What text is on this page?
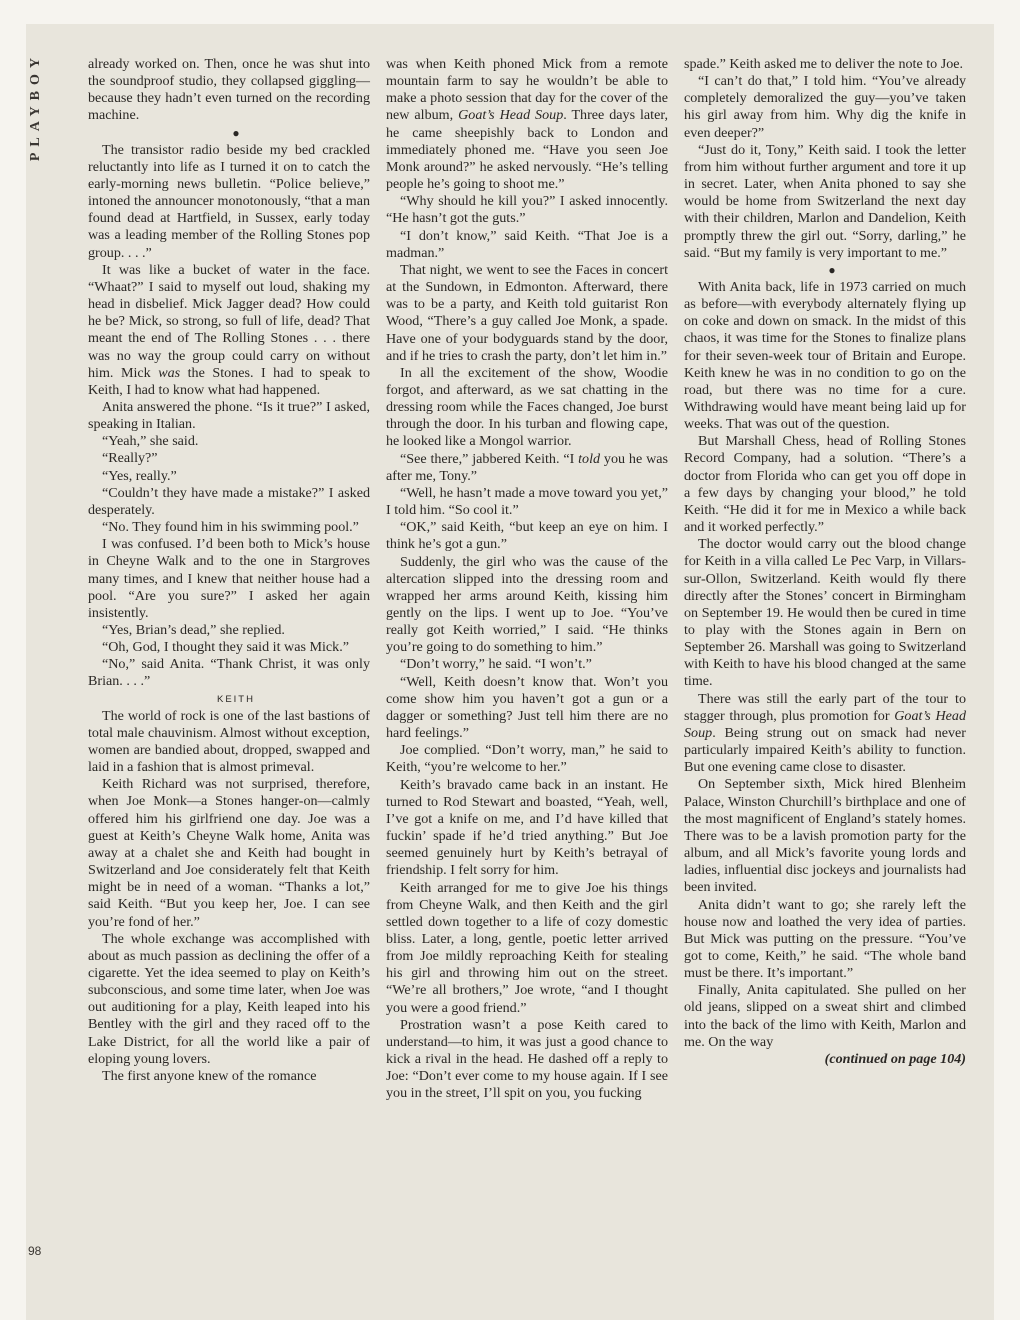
PLAYBOY
98

already worked on. Then, once he was shut into the soundproof studio, they collapsed giggling—because they hadn’t even turned on the recording machine.

●

The transistor radio beside my bed crackled reluctantly into life as I turned it on to catch the early-morning news bulletin. “Police believe,” intoned the announcer monotonously, “that a man found dead at Hartfield, in Sussex, early today was a leading member of the Rolling Stones pop group. . . .”

It was like a bucket of water in the face. “Whaat?” I said to myself out loud, shaking my head in disbelief. Mick Jagger dead? How could he be? Mick, so strong, so full of life, dead? That meant the end of The Rolling Stones . . . there was no way the group could carry on without him. Mick was the Stones. I had to speak to Keith, I had to know what had happened.

Anita answered the phone. “Is it true?” I asked, speaking in Italian.

“Yeah,” she said.

“Really?”

“Yes, really.”

“Couldn’t they have made a mistake?” I asked desperately.

“No. They found him in his swimming pool.”

I was confused. I’d been both to Mick’s house in Cheyne Walk and to the one in Stargroves many times, and I knew that neither house had a pool. “Are you sure?” I asked her again insistently.

“Yes, Brian’s dead,” she replied.

“Oh, God, I thought they said it was Mick.”

“No,” said Anita. “Thank Christ, it was only Brian. . . .”

KEITH

The world of rock is one of the last bastions of total male chauvinism. Almost without exception, women are bandied about, dropped, swapped and laid in a fashion that is almost primeval.

Keith Richard was not surprised, therefore, when Joe Monk—a Stones hanger-on—calmly offered him his girlfriend one day. Joe was a guest at Keith’s Cheyne Walk home, Anita was away at a chalet she and Keith had bought in Switzerland and Joe considerately felt that Keith might be in need of a woman. “Thanks a lot,” said Keith. “But you keep her, Joe. I can see you’re fond of her.”

The whole exchange was accomplished with about as much passion as declining the offer of a cigarette. Yet the idea seemed to play on Keith’s subconscious, and some time later, when Joe was out auditioning for a play, Keith leaped into his Bentley with the girl and they raced off to the Lake District, for all the world like a pair of eloping young lovers.

The first anyone knew of the romance

was when Keith phoned Mick from a remote mountain farm to say he wouldn’t be able to make a photo session that day for the cover of the new album, Goat’s Head Soup. Three days later, he came sheepishly back to London and immediately phoned me. “Have you seen Joe Monk around?” he asked nervously. “He’s telling people he’s going to shoot me.”

“Why should he kill you?” I asked innocently. “He hasn’t got the guts.”

“I don’t know,” said Keith. “That Joe is a madman.”

That night, we went to see the Faces in concert at the Sundown, in Edmonton. Afterward, there was to be a party, and Keith told guitarist Ron Wood, “There’s a guy called Joe Monk, a spade. Have one of your bodyguards stand by the door, and if he tries to crash the party, don’t let him in.”

In all the excitement of the show, Woodie forgot, and afterward, as we sat chatting in the dressing room while the Faces changed, Joe burst through the door. In his turban and flowing cape, he looked like a Mongol warrior.

“See there,” jabbered Keith. “I told you he was after me, Tony.”

“Well, he hasn’t made a move toward you yet,” I told him. “So cool it.”

“OK,” said Keith, “but keep an eye on him. I think he’s got a gun.”

Suddenly, the girl who was the cause of the altercation slipped into the dressing room and wrapped her arms around Keith, kissing him gently on the lips. I went up to Joe. “You’ve really got Keith worried,” I said. “He thinks you’re going to do something to him.”

“Don’t worry,” he said. “I won’t.”

“Well, Keith doesn’t know that. Won’t you come show him you haven’t got a gun or a dagger or something? Just tell him there are no hard feelings.”

Joe complied. “Don’t worry, man,” he said to Keith, “you’re welcome to her.”

Keith’s bravado came back in an instant. He turned to Rod Stewart and boasted, “Yeah, well, I’ve got a knife on me, and I’d have killed that fuckin’ spade if he’d tried anything.” But Joe seemed genuinely hurt by Keith’s betrayal of friendship. I felt sorry for him.

Keith arranged for me to give Joe his things from Cheyne Walk, and then Keith and the girl settled down together to a life of cozy domestic bliss. Later, a long, gentle, poetic letter arrived from Joe mildly reproaching Keith for stealing his girl and throwing him out on the street. “We’re all brothers,” Joe wrote, “and I thought you were a good friend.”

Prostration wasn’t a pose Keith cared to understand—to him, it was just a good chance to kick a rival in the head. He dashed off a reply to Joe: “Don’t ever come to my house again. If I see you in the street, I’ll spit on you, you fucking

spade.” Keith asked me to deliver the note to Joe.

“I can’t do that,” I told him. “You’ve already completely demoralized the guy—you’ve taken his girl away from him. Why dig the knife in even deeper?”

“Just do it, Tony,” Keith said. I took the letter from him without further argument and tore it up in secret. Later, when Anita phoned to say she would be home from Switzerland the next day with their children, Marlon and Dandelion, Keith promptly threw the girl out. “Sorry, darling,” he said. “But my family is very important to me.”

●

With Anita back, life in 1973 carried on much as before—with everybody alternately flying up on coke and down on smack. In the midst of this chaos, it was time for the Stones to finalize plans for their seven-week tour of Britain and Europe. Keith knew he was in no condition to go on the road, but there was no time for a cure. Withdrawing would have meant being laid up for weeks. That was out of the question.

But Marshall Chess, head of Rolling Stones Record Company, had a solution. “There’s a doctor from Florida who can get you off dope in a few days by changing your blood,” he told Keith. “He did it for me in Mexico a while back and it worked perfectly.”

The doctor would carry out the blood change for Keith in a villa called Le Pec Varp, in Villars-sur-Ollon, Switzerland. Keith would fly there directly after the Stones’ concert in Birmingham on September 19. He would then be cured in time to play with the Stones again in Bern on September 26. Marshall was going to Switzerland with Keith to have his blood changed at the same time.

There was still the early part of the tour to stagger through, plus promotion for Goat’s Head Soup. Being strung out on smack had never particularly impaired Keith’s ability to function. But one evening came close to disaster.

On September sixth, Mick hired Blenheim Palace, Winston Churchill’s birthplace and one of the most magnificent of England’s stately homes. There was to be a lavish promotion party for the album, and all Mick’s favorite young lords and ladies, influential disc jockeys and journalists had been invited.

Anita didn’t want to go; she rarely left the house now and loathed the very idea of parties. But Mick was putting on the pressure. “You’ve got to come, Keith,” he said. “The whole band must be there. It’s important.”

Finally, Anita capitulated. She pulled on her old jeans, slipped on a sweat shirt and climbed into the back of the limo with Keith, Marlon and me. On the way

(continued on page 104)
